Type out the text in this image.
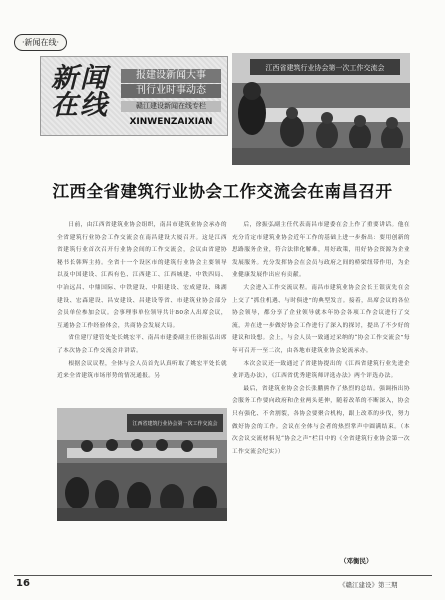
·新闻在线·
新闻在线
报建设新闻大事
刊行业时事动态
赣江建设新闻在线专栏
XINWENZAIXIAN
江西省建筑行业协会第一次工作交流会
江西全省建筑行业协会工作交流会在南昌召开

日前，由江西省建筑业协会组织，南昌市建筑业协会承办的全省建筑行业协会工作交流会在南昌建设大厦召开。这是江西省建筑行业首次召开行业协会间的工作交流会，会议由省建协秘书长韩辉主持。全省十一个设区市的建筑行业协会主要领导以及中国建设、江西有色、江西建工、江西城建、中铁四局、中冶远昌、中鼎国际、中铁建设、中阳建设、宏成建设、珠湖建设、宏森建设、昌安建设、昌建设等省、市建筑业协会部分会员单位参加会议。会事理事单位领导共计80余人出席会议，互通协会工作经验体会，共商协会发展大局。

省住建厅建管处处长姚宏平、南昌市建委副主任徐振弘出席了本次协会工作交流会并讲话。

根据会议议程，全体与会人员首先认真听取了姚宏平处长就近来全省建筑市场形势的情况通报。另

后，徐振弘副主任代表南昌市建委在会上作了重要讲话。他在充分肯定市建筑业协会近年工作的基础上进一步指出：要用创新的思路服务企业，符合法律化解难，用好政策，用好协会资源为企业发展服务。充分发挥协会在会员与政府之间的桥梁纽带作用，为企业健康发展作出应有贡献。

大会进入工作交流议程。南昌市建筑业协会会长王银寅先在会上交了“抓住机遇、与时俱进”的典型发言。接着，出席会议的各位协会领导，都分享了企业领导就本年协会各项工作会议进行了交流，并在进一步做好协会工作进行了深入的探讨，提出了不少好的建议和设想。会上，与会人员一致通过采纳的“协会工作交流会”每年可召开一至二次，由各地市建筑业协会轮流承办。

本次会议还一致通过了省建协提出的《江西省建筑行业先进企业评选办法》，《江西省优秀建筑师评选办法》两个评选办法。

最后，省建筑业协会会长张鹏熊作了热烈的总结。强调指出协会服务工作要向政府和企业两头延伸，随着改革的不断深入，协会只有强化、不舍割裂，各协会要聚合机构，跟上改革的步伐，努力做好协会的工作。会议在全体与会者的热烈掌声中圆满结束。（本次会议交流材料见“协会之声”栏目中的《全省建筑行业协会第一次工作交流会纪实》）

江西省建筑行业协会第一次工作交流会
（邓衡民）
16	《赣江建设》第三期
